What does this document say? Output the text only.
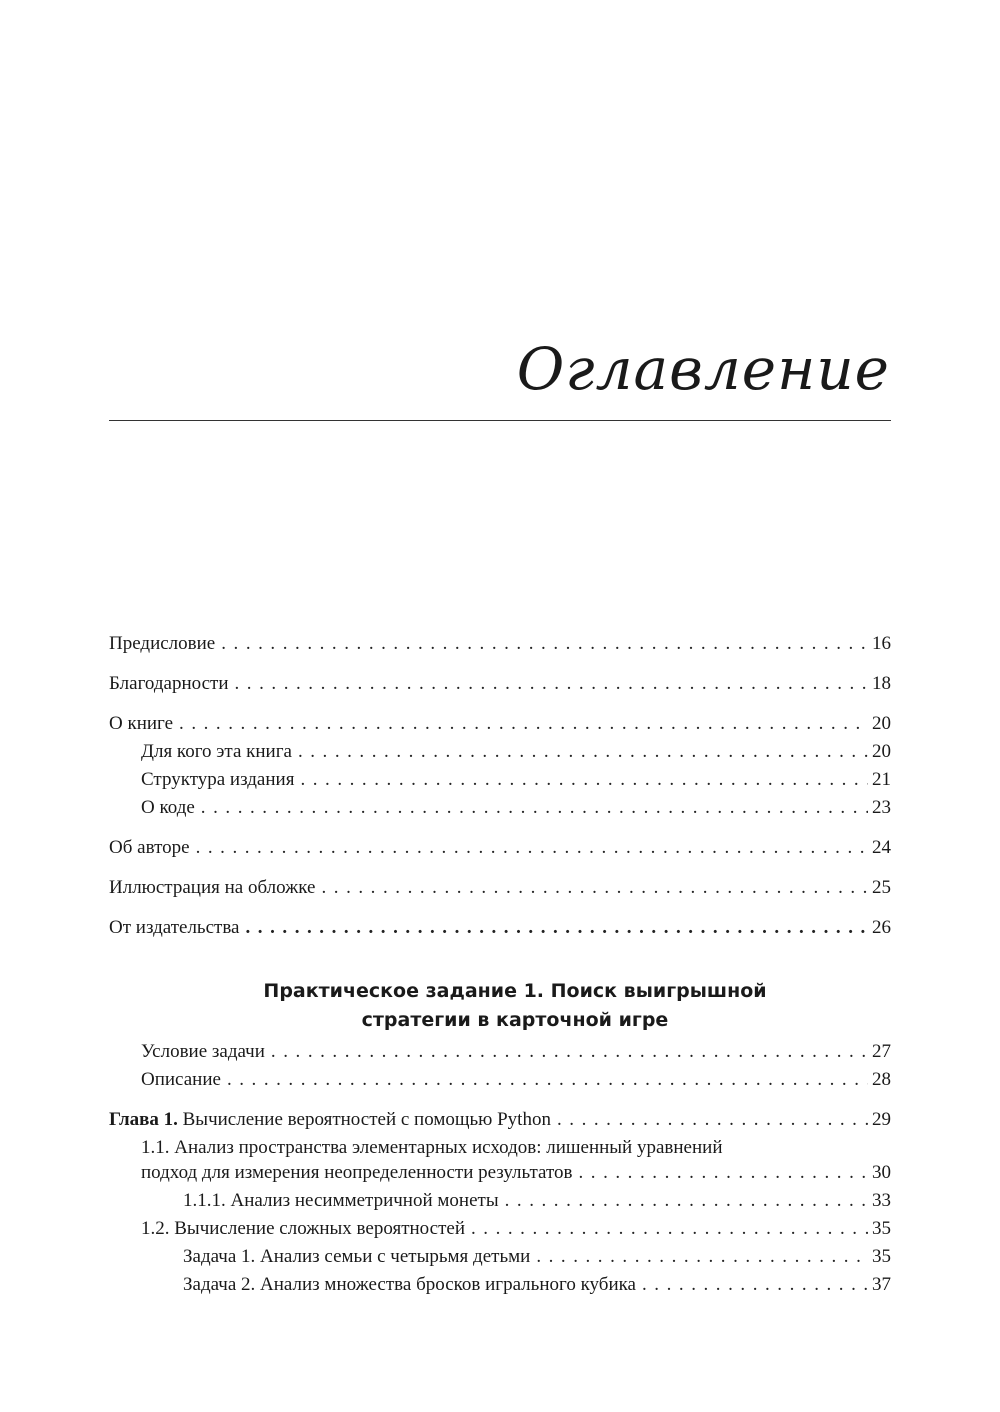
Оглавление
Предисловие . . .	16
Благодарности . . .	18
О книге . . .	20
Для кого эта книга . . .	20
Структура издания . . .	21
О коде . . .	23
Об авторе . . .	24
Иллюстрация на обложке . . .	25
От издательства . . .	26
Практическое задание 1. Поиск выигрышной
стратегии в карточной игре
Условие задачи . . .	27
Описание . . .	28
Глава 1. Вычисление вероятностей с помощью Python . . .	29
1.1. Анализ пространства элементарных исходов: лишенный уравнений
подход для измерения неопределенности результатов . . .	30
1.1.1. Анализ несимметричной монеты . . .	33
1.2. Вычисление сложных вероятностей . . .	35
Задача 1. Анализ семьи с четырьмя детьми . . .	35
Задача 2. Анализ множества бросков игрального кубика . . .	37
